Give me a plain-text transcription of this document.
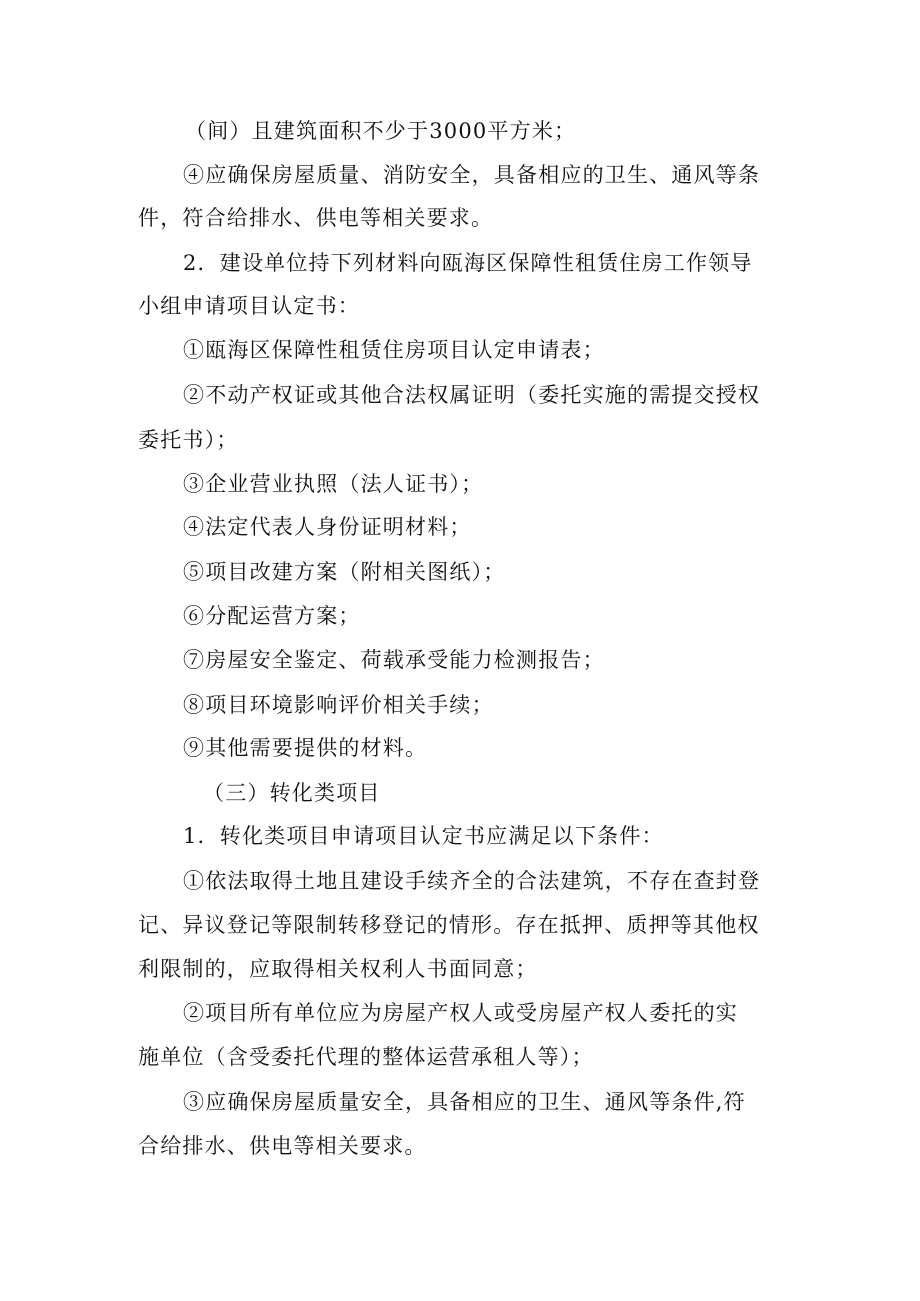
（间）且建筑面积不少于3000平方米；
④应确保房屋质量、消防安全，具备相应的卫生、通风等条
件，符合给排水、供电等相关要求。
2．建设单位持下列材料向瓯海区保障性租赁住房工作领导
小组申请项目认定书：
①瓯海区保障性租赁住房项目认定申请表；
②不动产权证或其他合法权属证明（委托实施的需提交授权
委托书）；
③企业营业执照（法人证书）；
④法定代表人身份证明材料；
⑤项目改建方案（附相关图纸）；
⑥分配运营方案；
⑦房屋安全鉴定、荷载承受能力检测报告；
⑧项目环境影响评价相关手续；
⑨其他需要提供的材料。
（三）转化类项目
1．转化类项目申请项目认定书应满足以下条件：
①依法取得土地且建设手续齐全的合法建筑，不存在查封登
记、异议登记等限制转移登记的情形。存在抵押、质押等其他权
利限制的，应取得相关权利人书面同意；
②项目所有单位应为房屋产权人或受房屋产权人委托的实
施单位（含受委托代理的整体运营承租人等）；
③应确保房屋质量安全，具备相应的卫生、通风等条件,符
合给排水、供电等相关要求。
